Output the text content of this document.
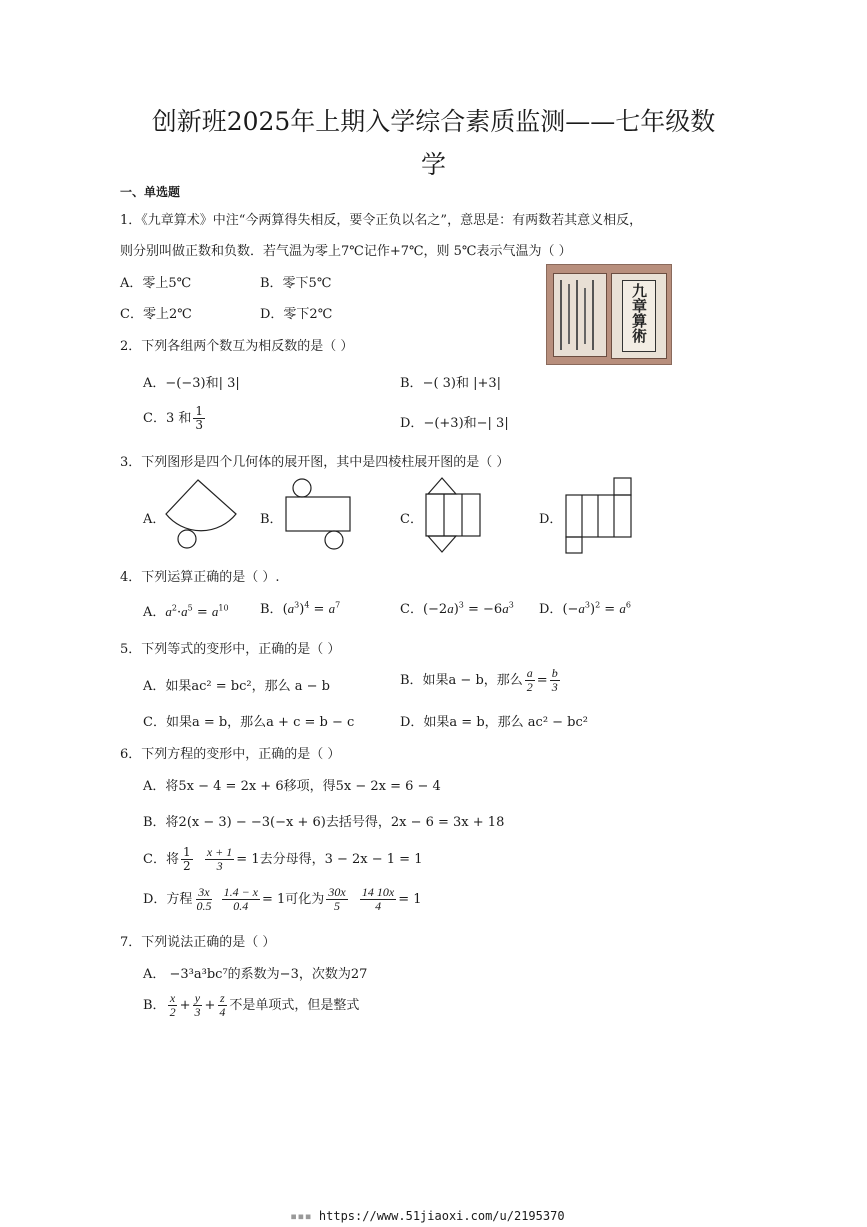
创新班2025年上期入学综合素质监测——七年级数
学
一、单选题
1．《九章算术》中注“今两算得失相反，要令正负以名之”，意思是：有两数若其意义相反，
则分别叫做正数和负数．若气温为零上7℃记作+7℃，则 5℃表示气温为（ ）
A．零上5℃	B．零下5℃
C．零上2℃	D．零下2℃	九章算術
2．下列各组两个数互为相反数的是（ ）
A．−(−3)和| 3|	B．−( 3)和 |+3|
C．3 和 $\frac{1}{3}$	D．−(+3)和−| 3|
3．下列图形是四个几何体的展开图，其中是四棱柱展开图的是（ ）
A．	B．	C．	D．
4．下列运算正确的是（ ）.
A．$a^2\cdot a^5 = a^{10}$ B．$(a^3)^4 = a^7$	C．$(-2a)^3 = -6a^3$ D．$(-a^3)^2 = a^6$
5．下列等式的变形中，正确的是（ ）
A．如果ac² = bc²，那么 a − b	B．如果a − b，那么 $\frac{a}{2} = \frac{b}{3}$
C．如果a = b，那么a + c = b − c	D．如果a = b，那么 ac² − bc²
6．下列方程的变形中，正确的是（ ）
A．将5x − 4 = 2x + 6移项，得5x − 2x = 6 − 4
B．将2(x − 3) − −3(−x + 6)去括号得，2x − 6 = 3x + 18
C．将 $\frac{1}{2}$
$\frac{x + 1}{3} = 1$去分母得，3 − 2x − 1 = 1
D．方程 $\frac{3x}{0.5}$
$\frac{1.4 - x}{0.4} = 1$可化为 $\frac{30x}{5}$
$\frac{14 10x}{4} = 1$
7．下列说法正确的是（ ）
A． −3³a³bc⁷的系数为−3，次数为27
B． $\frac{x}{2} + \frac{y}{3} + \frac{z}{4}$ 不是单项式，但是整式
▪▪▪ https://www.51jiaoxi.com/u/2195370
